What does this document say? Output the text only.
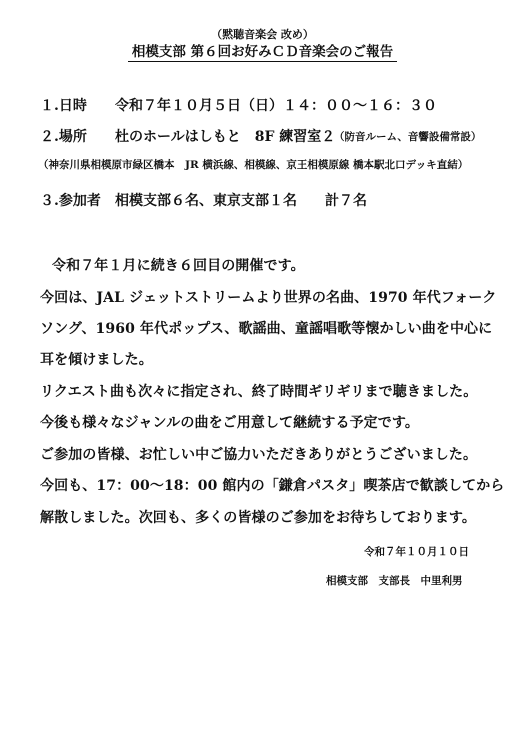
（黙聴音楽会 改め）
相模支部 第６回お好みＣＤ音楽会のご報告
１.日時 令和７年１０月５日（日）１４：００〜１６：３０
２.場所 杜のホールはしもと　8F 練習室２
（防音ルーム、音響設備常設）
（神奈川県相模原市緑区橋本　JR 横浜線、相模線、京王相模原線 橋本駅北口デッキ直結）
３.参加者 相模支部６名、東京支部１名　　計７名
令和７年１月に続き６回目の開催です。
今回は、JAL ジェットストリームより世界の名曲、1970 年代フォーク
ソング、1960 年代ポップス、歌謡曲、童謡唱歌等懐かしい曲を中心に
耳を傾けました。
リクエスト曲も次々に指定され、終了時間ギリギリまで聴きました。
今後も様々なジャンルの曲をご用意して継続する予定です。
ご参加の皆様、お忙しい中ご協力いただきありがとうございました。
今回も、17：00〜18：00 館内の「鎌倉パスタ」喫茶店で歓談してから
解散しました。次回も、多くの皆様のご参加をお待ちしております。
令和７年１０月１０日
相模支部　支部長　中里利男
